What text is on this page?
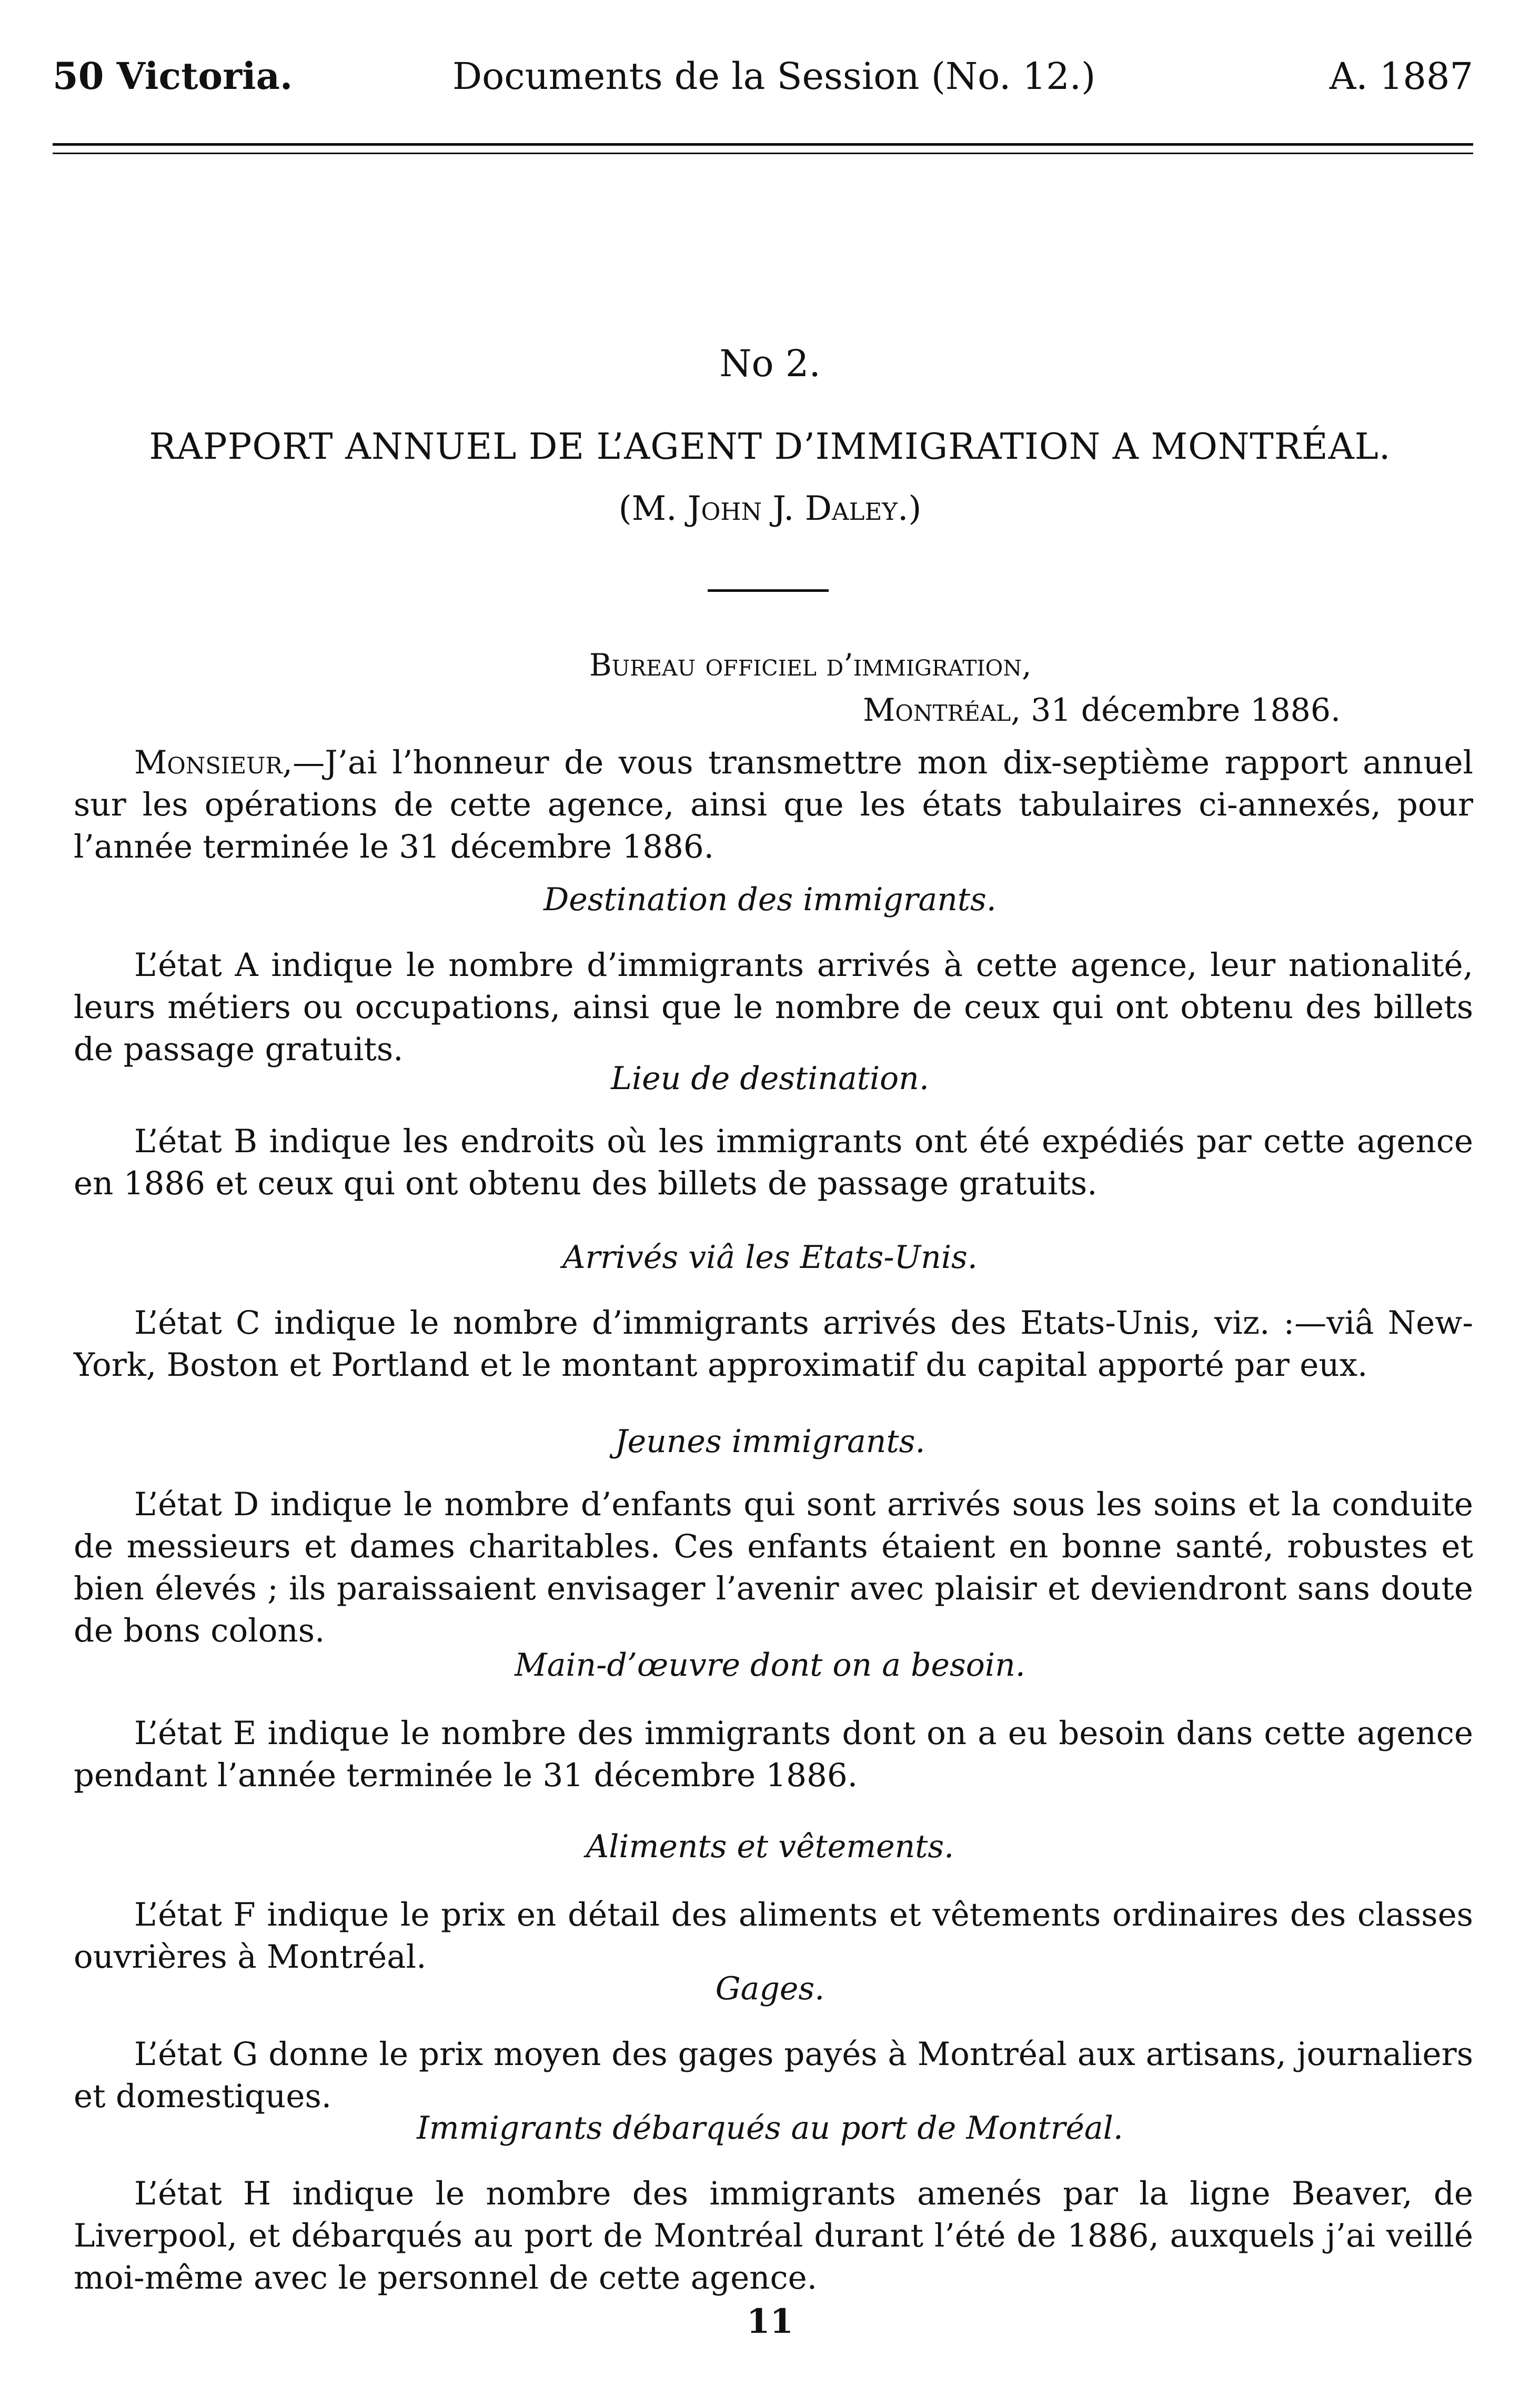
50 Victoria.	Documents de la Session (No. 12.)	A. 1887
No 2.
RAPPORT ANNUEL DE L’AGENT D’IMMIGRATION A MONTRÉAL.
(M. John J. Daley.)
Bureau officiel d’immigration,
Montréal, 31 décembre 1886.
Monsieur,—J’ai l’honneur de vous transmettre mon dix-septième rapport annuel sur les opérations de cette agence, ainsi que les états tabulaires ci-annexés, pour l’année terminée le 31 décembre 1886.
Destination des immigrants.
L’état A indique le nombre d’immigrants arrivés à cette agence, leur nationalité, leurs métiers ou occupations, ainsi que le nombre de ceux qui ont obtenu des billets de passage gratuits.
Lieu de destination.
L’état B indique les endroits où les immigrants ont été expédiés par cette agence en 1886 et ceux qui ont obtenu des billets de passage gratuits.
Arrivés viâ les Etats-Unis.
L’état C indique le nombre d’immigrants arrivés des Etats-Unis, viz. :—viâ New-York, Boston et Portland et le montant approximatif du capital apporté par eux.
Jeunes immigrants.
L’état D indique le nombre d’enfants qui sont arrivés sous les soins et la conduite de messieurs et dames charitables. Ces enfants étaient en bonne santé, robustes et bien élevés ; ils paraissaient envisager l’avenir avec plaisir et deviendront sans doute de bons colons.
Main-d’œuvre dont on a besoin.
L’état E indique le nombre des immigrants dont on a eu besoin dans cette agence pendant l’année terminée le 31 décembre 1886.
Aliments et vêtements.
L’état F indique le prix en détail des aliments et vêtements ordinaires des classes ouvrières à Montréal.
Gages.
L’état G donne le prix moyen des gages payés à Montréal aux artisans, journaliers et domestiques.
Immigrants débarqués au port de Montréal.
L’état H indique le nombre des immigrants amenés par la ligne Beaver, de Liverpool, et débarqués au port de Montréal durant l’été de 1886, auxquels j’ai veillé moi-même avec le personnel de cette agence.
11
